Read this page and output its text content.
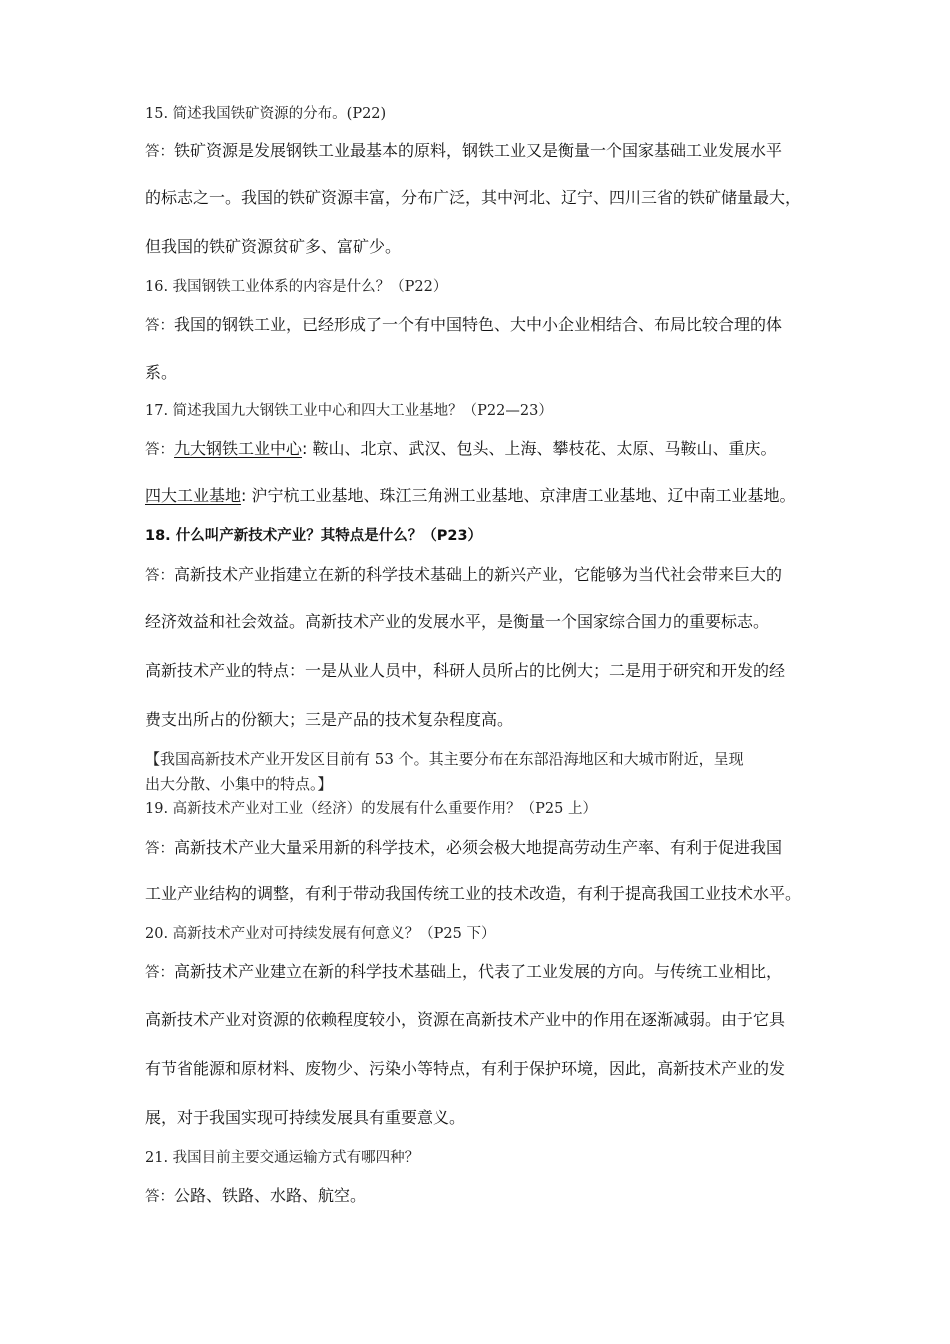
15. 简述我国铁矿资源的分布。(P22)
答：铁矿资源是发展钢铁工业最基本的原料，钢铁工业又是衡量一个国家基础工业发展水平
的标志之一。我国的铁矿资源丰富，分布广泛，其中河北、辽宁、四川三省的铁矿储量最大，
但我国的铁矿资源贫矿多、富矿少。
16. 我国钢铁工业体系的内容是什么？（P22）
答：我国的钢铁工业，已经形成了一个有中国特色、大中小企业相结合、布局比较合理的体
系。
17. 简述我国九大钢铁工业中心和四大工业基地？（P22—23）
答：九大钢铁工业中心: 鞍山、北京、武汉、包头、上海、攀枝花、太原、马鞍山、重庆。
四大工业基地: 沪宁杭工业基地、珠江三角洲工业基地、京津唐工业基地、辽中南工业基地。
18. 什么叫产新技术产业？其特点是什么？（P23）
答：高新技术产业指建立在新的科学技术基础上的新兴产业，它能够为当代社会带来巨大的
经济效益和社会效益。高新技术产业的发展水平，是衡量一个国家综合国力的重要标志。
高新技术产业的特点：一是从业人员中，科研人员所占的比例大；二是用于研究和开发的经
费支出所占的份额大；三是产品的技术复杂程度高。
【我国高新技术产业开发区目前有 53 个。其主要分布在东部沿海地区和大城市附近，呈现
出大分散、小集中的特点。】
19. 高新技术产业对工业（经济）的发展有什么重要作用？（P25 上）
答：高新技术产业大量采用新的科学技术，必须会极大地提高劳动生产率、有利于促进我国
工业产业结构的调整，有利于带动我国传统工业的技术改造，有利于提高我国工业技术水平。
20. 高新技术产业对可持续发展有何意义？（P25 下）
答：高新技术产业建立在新的科学技术基础上，代表了工业发展的方向。与传统工业相比，
高新技术产业对资源的依赖程度较小，资源在高新技术产业中的作用在逐渐减弱。由于它具
有节省能源和原材料、废物少、污染小等特点，有利于保护环境，因此，高新技术产业的发
展，对于我国实现可持续发展具有重要意义。
21. 我国目前主要交通运输方式有哪四种？
答：公路、铁路、水路、航空。
